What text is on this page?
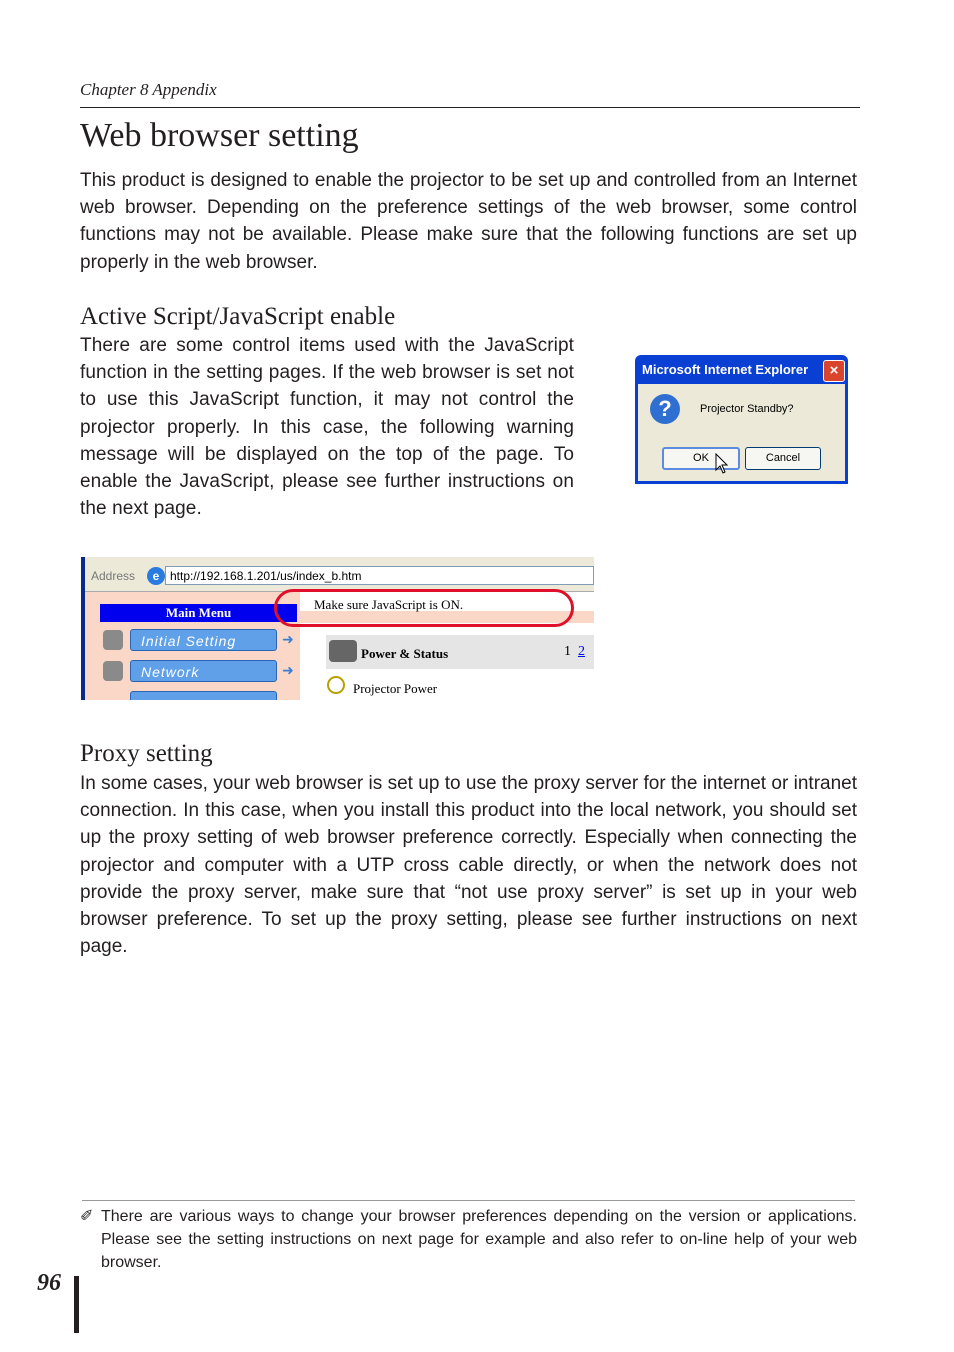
Chapter 8 Appendix
Web browser setting
This product is designed to enable the projector to be set up and controlled from an Internet web browser. Depending on the preference settings of the web browser, some control functions may not be available. Please make sure that the following functions are set up properly in the web browser.
Active Script/JavaScript enable
There are some control items used with the JavaScript function in the setting pages. If the web browser is set not to use this JavaScript function, it may not control the projector properly. In this case, the following warning message will be displayed on the top of the page. To enable the JavaScript, please see further instructions on the next page.
Microsoft Internet Explorer	×
?	Projector Standby?
OK	Cancel
Address	e http://192.168.1.201/us/index_b.htm
Main Menu
Initial Setting	➜
Network	➜
Make sure JavaScript is ON.
Power & Status	1 2
Projector Power
Proxy setting
In some cases, your web browser is set up to use the proxy server for the internet or intranet connection. In this case, when you install this product into the local network, you should set up the proxy setting of web browser preference correctly. Especially when connecting the projector and computer with a UTP cross cable directly, or when the network does not provide the proxy server, make sure that “not use proxy server” is set up in your web browser preference. To set up the proxy setting, please see further instructions on next page.
✐ There are various ways to change your browser preferences depending on the version or applications. Please see the setting instructions on next page for example and also refer to on-line help of your web browser.
96
